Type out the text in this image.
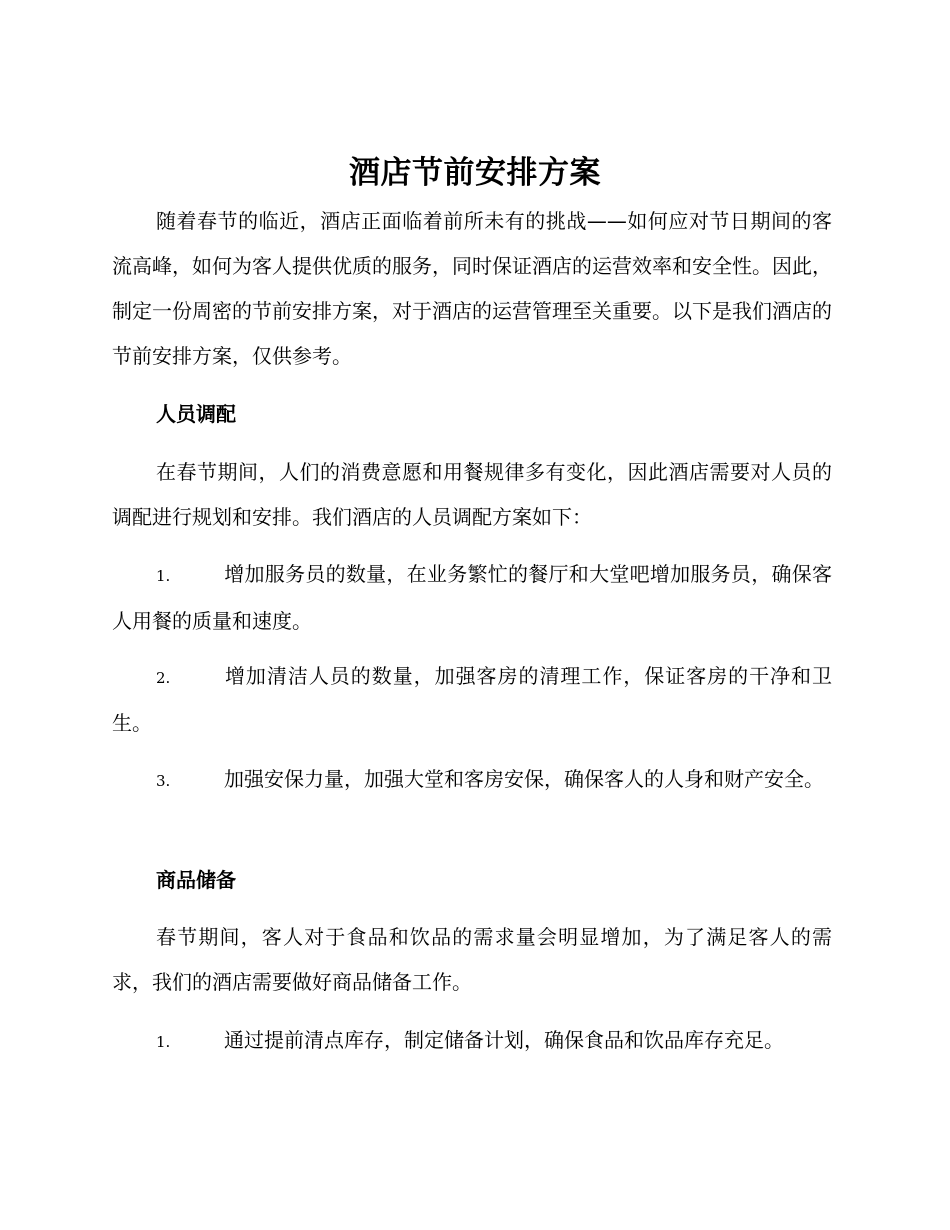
酒店节前安排方案

随着春节的临近，酒店正面临着前所未有的挑战——如何应对节日期间的客流高峰，如何为客人提供优质的服务，同时保证酒店的运营效率和安全性。因此，制定一份周密的节前安排方案，对于酒店的运营管理至关重要。以下是我们酒店的节前安排方案，仅供参考。

人员调配

在春节期间，人们的消费意愿和用餐规律多有变化，因此酒店需要对人员的调配进行规划和安排。我们酒店的人员调配方案如下：

1.	增加服务员的数量，在业务繁忙的餐厅和大堂吧增加服务员，确保客人用餐的质量和速度。

2.	增加清洁人员的数量，加强客房的清理工作，保证客房的干净和卫生。

3.	加强安保力量，加强大堂和客房安保，确保客人的人身和财产安全。

商品储备

春节期间，客人对于食品和饮品的需求量会明显增加，为了满足客人的需求，我们的酒店需要做好商品储备工作。

1.	通过提前清点库存，制定储备计划，确保食品和饮品库存充足。
